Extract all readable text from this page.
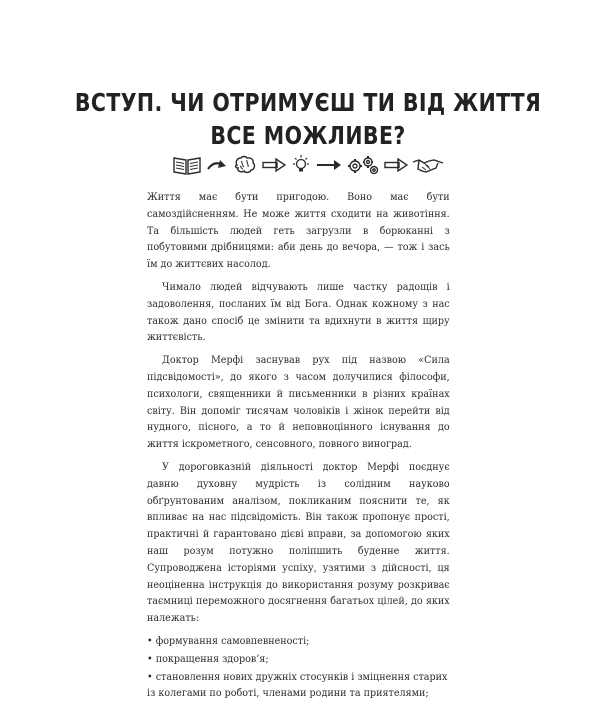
ВСТУП. ЧИ ОТРИМУЄШ ТИ ВІД ЖИТТЯ
ВСЕ МОЖЛИВЕ?

Життя має бути пригодою. Воно має бути самоздійсненням. Не може життя сходити на животіння. Та більшість людей геть загрузли в борюканні з побутовими дрібницями: аби день до вечора, — тож і зась їм до життєвих насолод.

Чимало людей відчувають лише частку радощів і задоволення, посланих їм від Бога. Однак кожному з нас також дано спосіб це змінити та вдихнути в життя щиру життєвість.

Доктор Мерфі заснував рух під назвою «Сила підсвідомості», до якого з часом долучилися філософи, психологи, священники й письменники в різних країнах світу. Він допоміг тисячам чоловіків і жінок перейти від нудного, пісного, а то й неповноцінного існування до життя іскрометного, сенсовного, повного виноград.

У дороговказній діяльності доктор Мерфі поєднує давню духовну мудрість із солідним науково обґрунтованим аналізом, покликаним пояснити те, як впливає на нас підсвідомість. Він також пропонує прості, практичні й гарантовано дієві вправи, за допомогою яких наш розум потужно поліпшить буденне життя. Супроводжена історіями успіху, узятими з дійсності, ця неоціненна інструкція до використання розуму розкриває таємниці переможного досягнення багатьох цілей, до яких належать:

• формування самовпевненості;

• покращення здоров’я;

• становлення нових дружніх стосунків і зміцнення старих із колегами по роботі, членами родини та приятелями;
